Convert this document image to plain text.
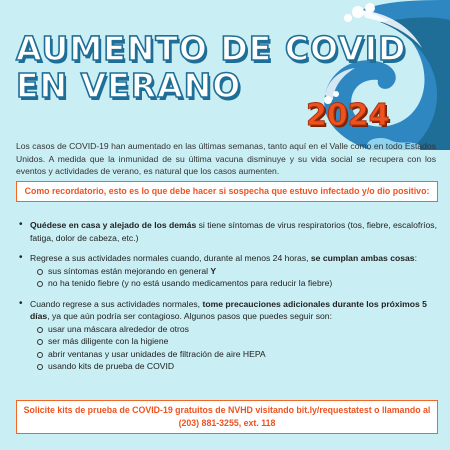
AUMENTO DE COVID
EN VERANO
2024

Los casos de COVID-19 han aumentado en las últimas semanas, tanto aquí en el Valle como en todo Estados Unidos. A medida que la inmunidad de su última vacuna disminuye y su vida social se recupera con los eventos y actividades de verano, es natural que los casos aumenten.

Como recordatorio, esto es lo que debe hacer si sospecha que estuvo infectado y/o dio positivo:
• Quédese en casa y alejado de los demás si tiene síntomas de virus respiratorios (tos, fiebre, escalofríos, fatiga, dolor de cabeza, etc.)
• Regrese a sus actividades normales cuando, durante al menos 24 horas, se cumplan ambas cosas:
sus síntomas están mejorando en general Y
no ha tenido fiebre (y no está usando medicamentos para reducir la fiebre)
• Cuando regrese a sus actividades normales, tome precauciones adicionales durante los próximos 5 días, ya que aún podría ser contagioso. Algunos pasos que puedes seguir son:
usar una máscara alrededor de otros
ser más diligente con la higiene
abrir ventanas y usar unidades de filtración de aire HEPA
usando kits de prueba de COVID
Solicite kits de prueba de COVID-19 gratuitos de NVHD visitando bit.ly/requestatest o llamando al (203) 881-3255, ext. 118
